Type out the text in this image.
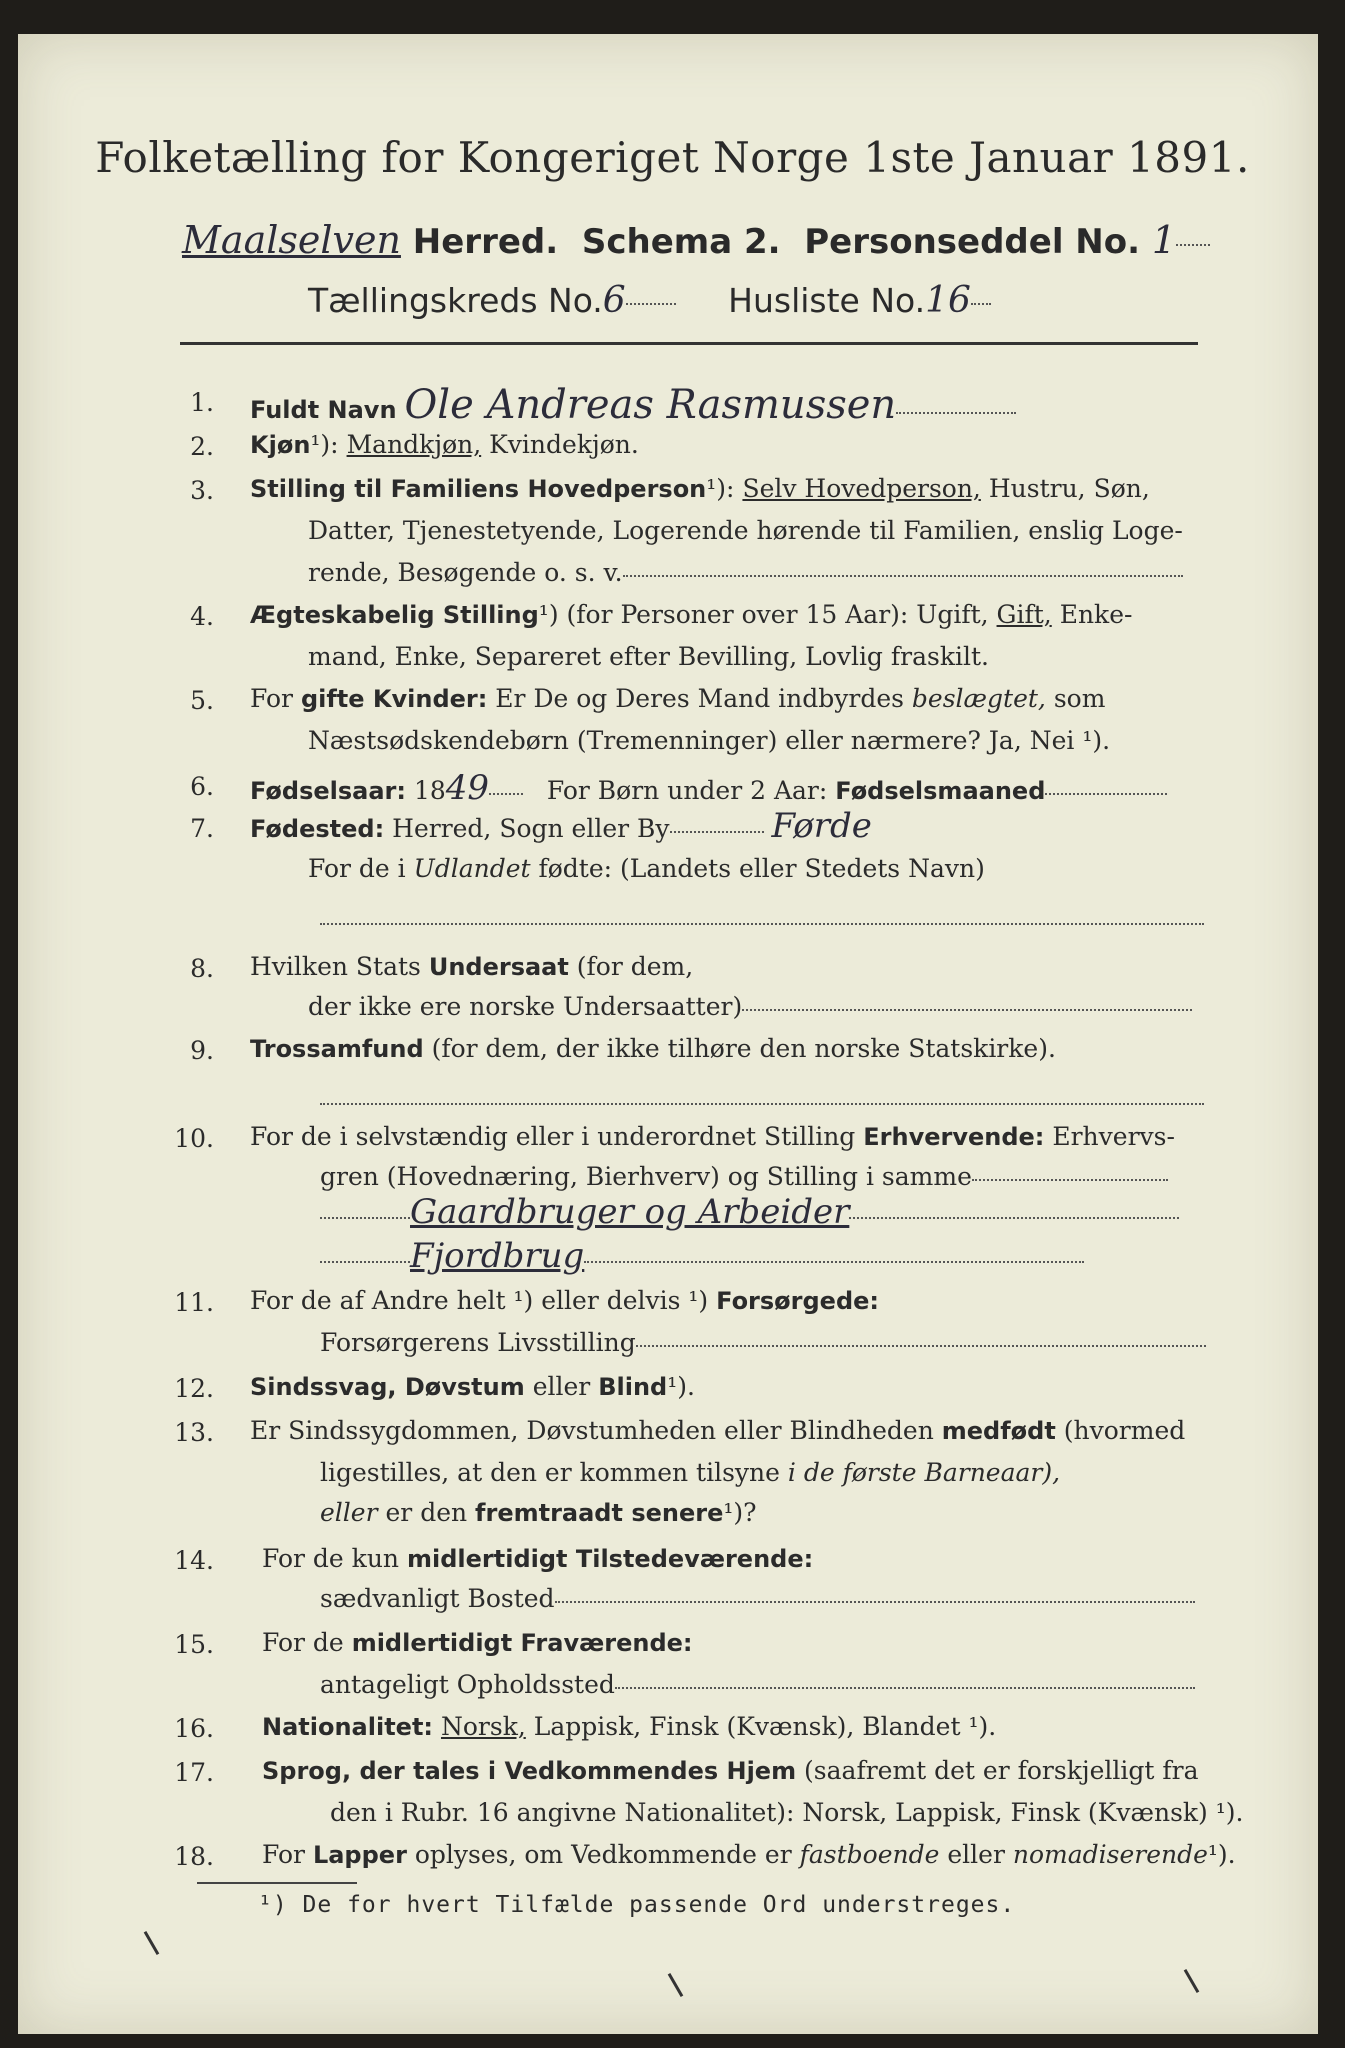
Folketælling for Kongeriget Norge 1ste Januar 1891.
Maalselven Herred. Schema 2. Personseddel No. 1
Tællingskreds No.6	Husliste No.16
1. Fuldt Navn Ole Andreas Rasmussen
2. Kjøn¹): Mandkjøn, Kvindekjøn.
3. Stilling til Familiens Hovedperson¹): Selv Hovedperson, Hustru, Søn,
Datter, Tjenestetyende, Logerende hørende til Familien, enslig Loge-
rende, Besøgende o. s. v.
4. Ægteskabelig Stilling¹) (for Personer over 15 Aar): Ugift, Gift, Enke-
mand, Enke, Separeret efter Bevilling, Lovlig fraskilt.
5. For gifte Kvinder: Er De og Deres Mand indbyrdes beslægtet, som
Næstsødskendebørn (Tremenninger) eller nærmere? Ja, Nei ¹).
6. Fødselsaar: 1849 For Børn under 2 Aar: Fødselsmaaned
7. Fødested: Herred, Sogn eller By	Førde
For de i Udlandet fødte: (Landets eller Stedets Navn)
8. Hvilken Stats Undersaat (for dem,
der ikke ere norske Undersaatter)
9. Trossamfund (for dem, der ikke tilhøre den norske Statskirke).
10. For de i selvstændig eller i underordnet Stilling Erhvervende: Erhvervs-
gren (Hovednæring, Bierhverv) og Stilling i samme
Gaardbruger og Arbeider
Fjordbrug
11. For de af Andre helt ¹) eller delvis ¹) Forsørgede:
Forsørgerens Livsstilling
12. Sindssvag, Døvstum eller Blind¹).
13. Er Sindssygdommen, Døvstumheden eller Blindheden medfødt (hvormed
ligestilles, at den er kommen tilsyne i de første Barneaar),
eller er den fremtraadt senere¹)?
14. For de kun midlertidigt Tilstedeværende:
sædvanligt Bosted
15. For de midlertidigt Fraværende:
antageligt Opholdssted
16. Nationalitet: Norsk, Lappisk, Finsk (Kvænsk), Blandet ¹).
17. Sprog, der tales i Vedkommendes Hjem (saafremt det er forskjelligt fra
den i Rubr. 16 angivne Nationalitet): Norsk, Lappisk, Finsk (Kvænsk) ¹).
18. For Lapper oplyses, om Vedkommende er fastboende eller nomadiserende¹).
¹) De for hvert Tilfælde passende Ord understreges.
